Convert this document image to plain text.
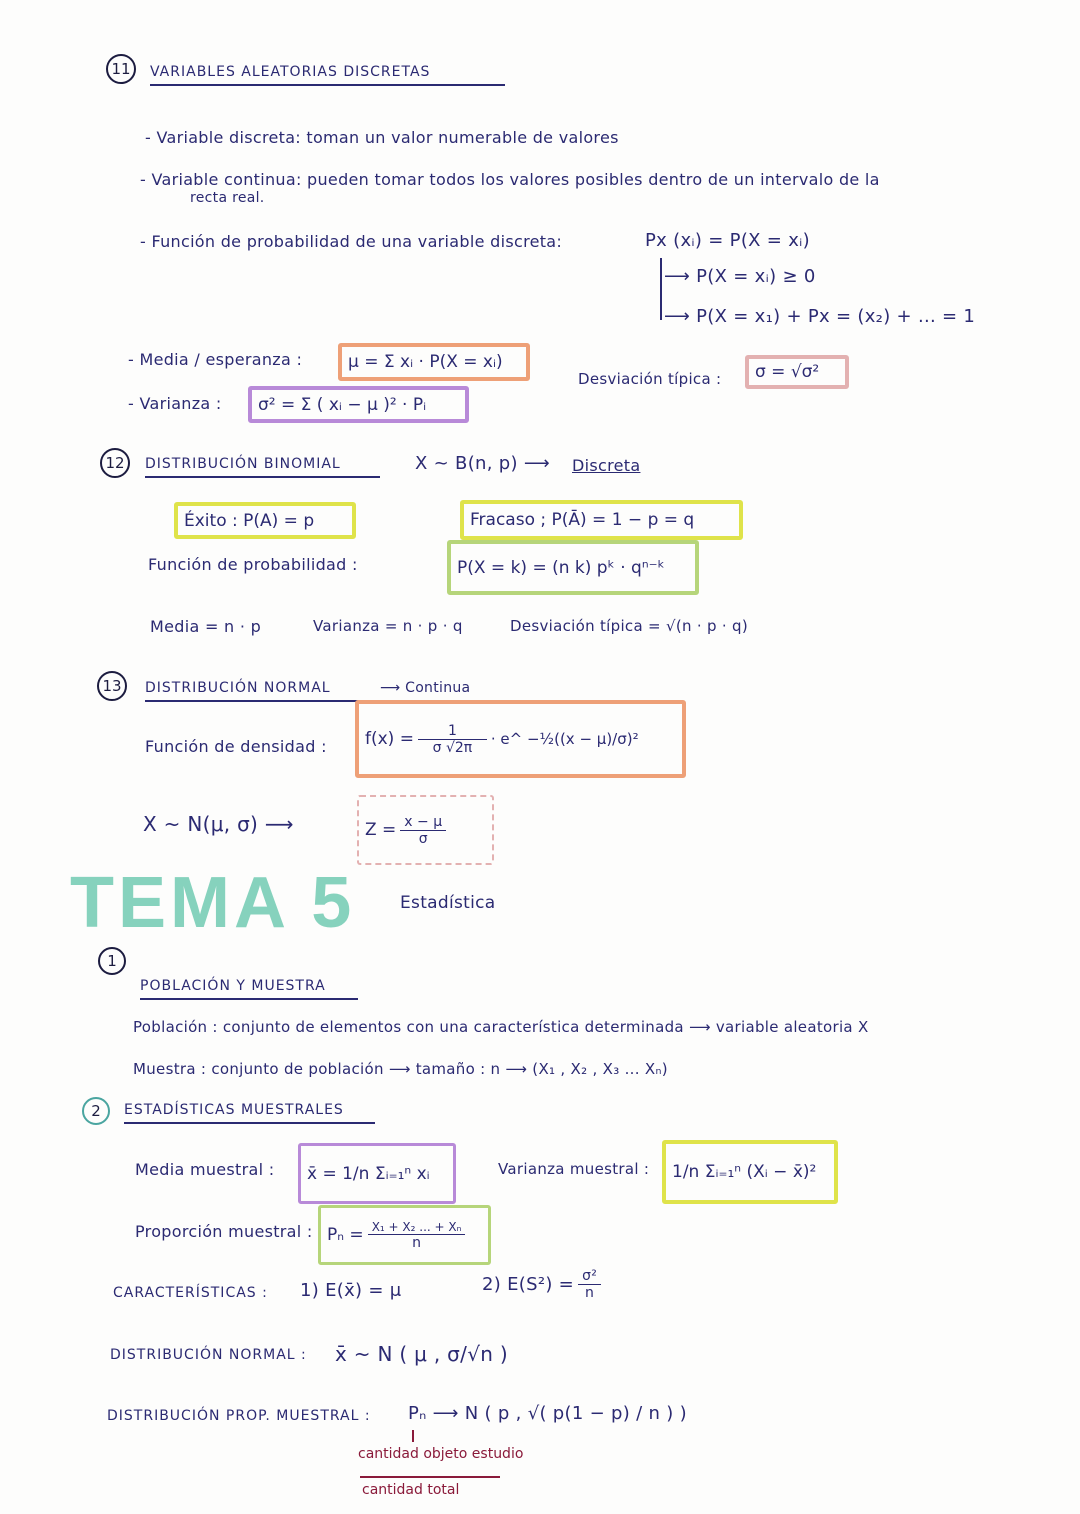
11	VARIABLES ALEATORIAS DISCRETAS
- Variable discreta: toman un valor numerable de valores
- Variable continua: pueden tomar todos los valores posibles dentro de un intervalo de la
recta real.
- Función de probabilidad de una variable discreta:	Px (xᵢ) = P(X = xᵢ)
⟶ P(X = xᵢ) ≥ 0
⟶ P(X = x₁) + Px = (x₂) + ... = 1
- Media / esperanza :	μ = Σ xᵢ · P(X = xᵢ)
Desviación típica :	σ = √σ²
- Varianza :	σ² = Σ ( xᵢ − μ )² · Pᵢ
12	DISTRIBUCIÓN BINOMIAL	X ~ B(n, p) ⟶ Discreta
Éxito : P(A) = p	Fracaso ; P(Ā) = 1 − p = q
Función de probabilidad :	P(X = k) = (n k) pᵏ · qⁿ⁻ᵏ
Media = n · p	Varianza = n · p · q	Desviación típica = √(n · p · q)
13	DISTRIBUCIÓN NORMAL	⟶ Continua
Función de densidad : $f(x) = \frac{1}{\sigma √2\pi}$ · e^ −½((x − μ)/σ)²
X ~ N(μ, σ) ⟶	$Z = \frac{x - \mu}{\sigma}$
TEMA 5	Estadística
1
POBLACIÓN Y MUESTRA
Población : conjunto de elementos con una característica determinada ⟶ variable aleatoria X
Muestra : conjunto de población ⟶ tamaño : n ⟶ (X₁ , X₂ , X₃ ... Xₙ)
2	ESTADÍSTICAS MUESTRALES
Media muestral :	x̄ = 1/n Σᵢ₌₁ⁿ xᵢ	Varianza muestral :	1/n Σᵢ₌₁ⁿ (Xᵢ − x̄)²
Proporción muestral : $P_n = \frac{\text{X₁ + X₂ ... + Xₙ}}{n}$
CARACTERÍSTICAS : 1) E(x̄) = μ	2) $E(S^2) = \frac{\text{σ²}}{n}$
DISTRIBUCIÓN NORMAL : x̄ ~ N ( μ , σ/√n )
DISTRIBUCIÓN PROP. MUESTRAL : Pₙ ⟶ N ( p , √( p(1 − p) / n ) )
cantidad objeto estudio
cantidad total
